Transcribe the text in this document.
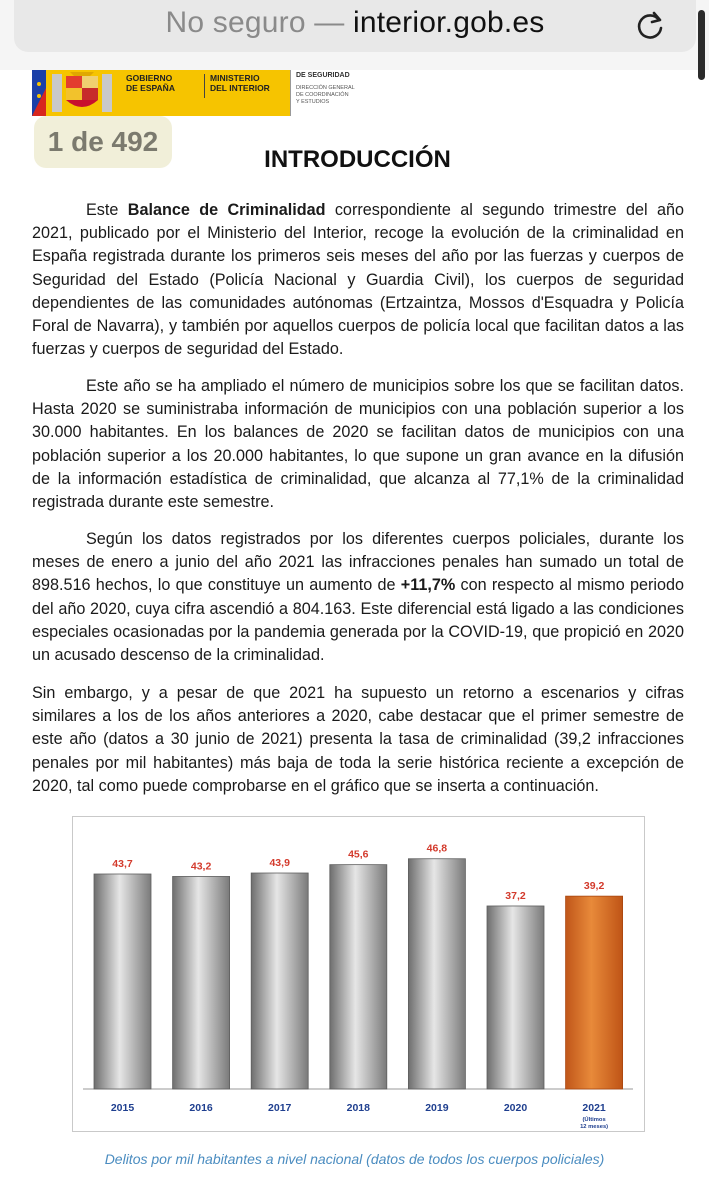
No seguro — interior.gob.es
GOBIERNO
DE ESPAÑA
MINISTERIO
DEL INTERIOR
DE SEGURIDAD
DIRECCIÓN GENERAL
DE COORDINACIÓN
Y ESTUDIOS
1 de 492
INTRODUCCIÓN

Este Balance de Criminalidad correspondiente al segundo trimestre del año 2021, publicado por el Ministerio del Interior, recoge la evolución de la criminalidad en España registrada durante los primeros seis meses del año por las fuerzas y cuerpos de Seguridad del Estado (Policía Nacional y Guardia Civil), los cuerpos de seguridad dependientes de las comunidades autónomas (Ertzaintza, Mossos d'Esquadra y Policía Foral de Navarra), y también por aquellos cuerpos de policía local que facilitan datos a las fuerzas y cuerpos de seguridad del Estado.

Este año se ha ampliado el número de municipios sobre los que se facilitan datos. Hasta 2020 se suministraba información de municipios con una población superior a los 30.000 habitantes. En los balances de 2020 se facilitan datos de municipios con una población superior a los 20.000 habitantes, lo que supone un gran avance en la difusión de la información estadística de criminalidad, que alcanza al 77,1% de la criminalidad registrada durante este semestre.

Según los datos registrados por los diferentes cuerpos policiales, durante los meses de enero a junio del año 2021 las infracciones penales han sumado un total de 898.516 hechos, lo que constituye un aumento de +11,7% con respecto al mismo periodo del año 2020, cuya cifra ascendió a 804.163. Este diferencial está ligado a las condiciones especiales ocasionadas por la pandemia generada por la COVID-19, que propició en 2020 un acusado descenso de la criminalidad.

Sin embargo, y a pesar de que 2021 ha supuesto un retorno a escenarios y cifras similares a los de los años anteriores a 2020, cabe destacar que el primer semestre de este año (datos a 30 junio de 2021) presenta la tasa de criminalidad (39,2 infracciones penales por mil habitantes) más baja de toda la serie histórica reciente a excepción de 2020, tal como puede comprobarse en el gráfico que se inserta a continuación.

43,7
2015
43,2
2016
43,9
2017
45,6
2018
46,8
2019
37,2
2020
39,2
2021
(Últimos 12 meses)
Delitos por mil habitantes a nivel nacional (datos de todos los cuerpos policiales)
